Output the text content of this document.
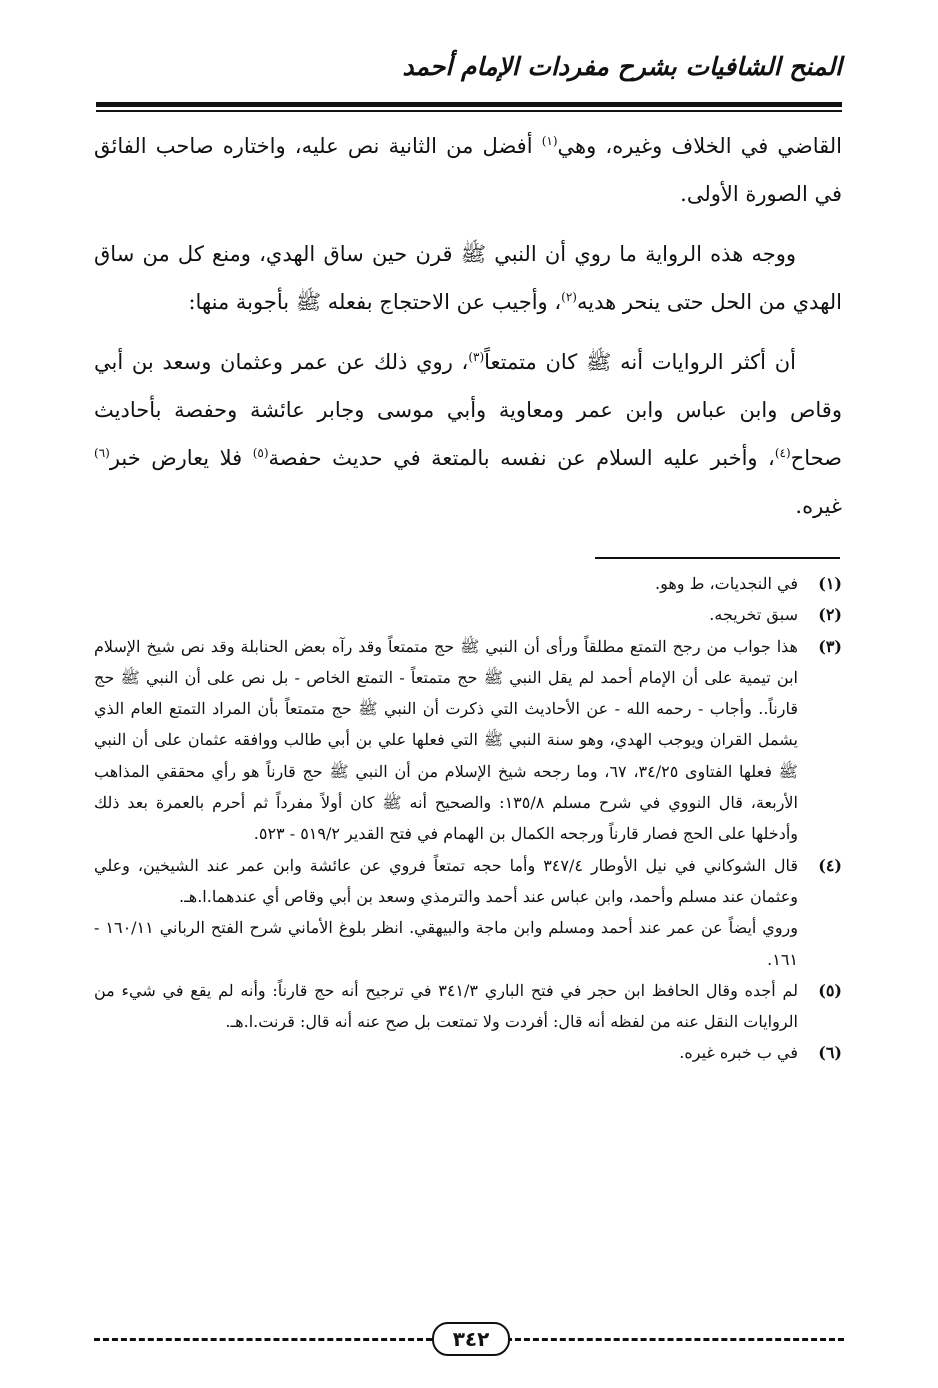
المنح الشافيات بشرح مفردات الإمام أحمد

القاضي في الخلاف وغيره، وهي$^{(١)}$ أفضل من الثانية نص عليه، واختاره صاحب الفائق في الصورة الأولى.

ووجه هذه الرواية ما روي أن النبي ﷺ قرن حين ساق الهدي، ومنع كل من ساق الهدي من الحل حتى ينحر هديه$^{(٢)}$، وأجيب عن الاحتجاج بفعله ﷺ بأجوبة منها:

أن أكثر الروايات أنه ﷺ كان متمتعاً$^{(٣)}$، روي ذلك عن عمر وعثمان وسعد بن أبي وقاص وابن عباس وابن عمر ومعاوية وأبي موسى وجابر عائشة وحفصة بأحاديث صحاح$^{(٤)}$، وأخبر عليه السلام عن نفسه بالمتعة في حديث حفصة$^{(٥)}$ فلا يعارض خبر$^{(٦)}$ غيره.

(١)
في النجديات، ط وهو.
(٢)
سبق تخريجه.
(٣)
هذا جواب من رجح التمتع مطلقاً ورأى أن النبي ﷺ حج متمتعاً وقد رآه بعض الحنابلة وقد نص شيخ الإسلام ابن تيمية على أن الإمام أحمد لم يقل النبي ﷺ حج متمتعاً - التمتع الخاص - بل نص على أن النبي ﷺ حج قارناً.. وأجاب - رحمه الله - عن الأحاديث التي ذكرت أن النبي ﷺ حج متمتعاً بأن المراد التمتع العام الذي يشمل القران ويوجب الهدي، وهو سنة النبي ﷺ التي فعلها علي بن أبي طالب ووافقه عثمان على أن النبي ﷺ فعلها الفتاوى ٢٥/‏٣٤، ٦٧، وما رجحه شيخ الإسلام من أن النبي ﷺ حج قارناً هو رأي محققي المذاهب الأربعة، قال النووي في شرح مسلم ٨/‏١٣٥: والصحيح أنه ﷺ كان أولاً مفرداً ثم أحرم بالعمرة بعد ذلك وأدخلها على الحج فصار قارناً ورجحه الكمال بن الهمام في فتح القدير ٢/‏٥١٩ - ٥٢٣.
(٤)
قال الشوكاني في نيل الأوطار ٤/‏٣٤٧ وأما حجه تمتعاً فروي عن عائشة وابن عمر عند الشيخين، وعلي وعثمان عند مسلم وأحمد، وابن عباس عند أحمد والترمذي وسعد بن أبي وقاص أي عندهما.ا.هـ.
وروي أيضاً عن عمر عند أحمد ومسلم وابن ماجة والبيهقي. انظر بلوغ الأماني شرح الفتح الرباني ١١/‏١٦٠ - ١٦١.
(٥)
لم أجده وقال الحافظ ابن حجر في فتح الباري ٣/‏٣٤١ في ترجيح أنه حج قارناً: وأنه لم يقع في شيء من الروايات النقل عنه من لفظه أنه قال: أفردت ولا تمتعت بل صح عنه أنه قال: قرنت.ا.هـ.
(٦)
في ب خبره غيره.
٣٤٢
